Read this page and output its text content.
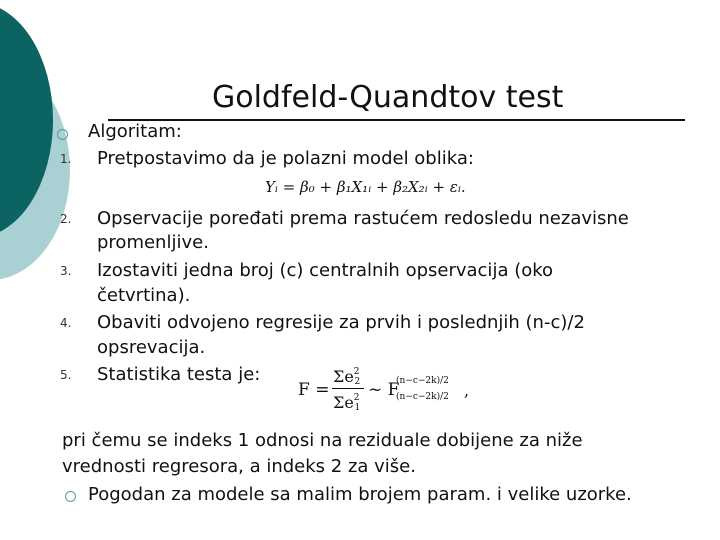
Goldfeld-Quandtov test
Algoritam:
1. Pretpostavimo da je polazni model oblika:
Yᵢ = β₀ + β₁X₁ᵢ + β₂X₂ᵢ + εᵢ.
2. Opservacije poređati prema rastućem redosledu nezavisne
promenljive.
3. Izostaviti jedna broj (c) centralnih opservacija (oko
četvrtina).
4. Obaviti odvojeno regresije za prvih i poslednjih (n-c)/2
opsrevacija.
5. Statistika testa je:
F =
$\Sigma e^22$
$\Sigma e^21$
~ F
(n−c−2k)/2
(n−c−2k)/2 ,
pri čemu se indeks 1 odnosi na reziduale dobijene za niže
vrednosti regresora, a indeks 2 za više.
Pogodan za modele sa malim brojem param. i velike uzorke.
